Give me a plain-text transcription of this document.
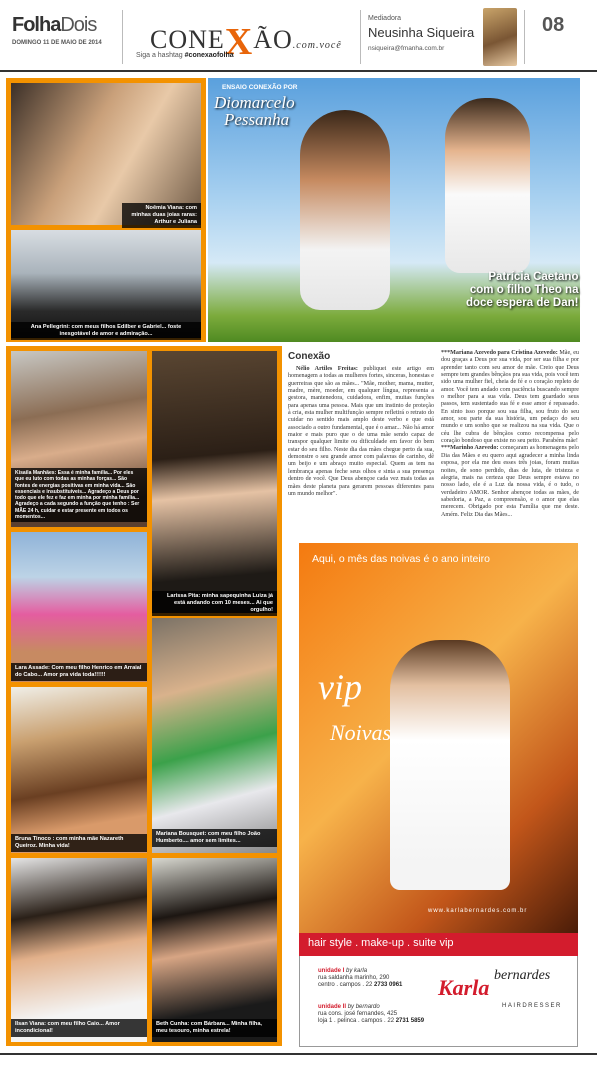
FolhaDois
DOMINGO 11 DE MAIO DE 2014 CONEXÃO.com.você
Siga a hashtag #conexaofolha
Mediadora
Neusinha Siqueira
nsiqueira@fmanha.com.br
08
Noêmia Viana: com minhas duas joias raras: Arthur e Juliana
Ana Pellegrini: com meus filhos Edilber e Gabriel... foste inesgotável de amor e admiração...
ENSAIO CONEXÃO POR
Diomarcelo
Pessanha
Patrícia Caetano
com o filho Theo na
doce espera de Dan!
Kisaila Manhães: Essa é minha família... Por eles que eu luto com todas as minhas forças... São fontes de energias positivas em minha vida... São essenciais e insubstituíveis... Agradeço a Deus por todo que ele fez e faz em minha por minha família... Agradeço a cada segundo a função que tenho : Ser MÃE 24 h, cuidar e estar presente em todos os momentos...
Larissa Pita: minha sapequinha Luiza já está andando com 10 meses... Ai que orgulho!
Lara Assade: Com meu filho Henrico em Arraial do Cabo... Amor pra vida toda!!!!!!
Mariana Bousquet: com meu filho João Humberto.... amor sem limites...
Bruna Tinoco : com minha mãe Nazareth Queiroz. Minha vida!
Ilsan Viana: com meu filho Caio... Amor incondicional!
Beth Cunha: com Bárbara... Minha filha, meu tesouro, minha estrela!
Conexão
Nélio Artiles Freitas: publiquei este artigo em homenagem a todas as mulheres fortes, sinceras, honestas e guerreiras que são as mães... "Mãe, mother, mama, mutter, madre, mère, moeder, em qualquer língua, representa a gestora, mantenedora, cuidadora, enfim, muitas funções para apenas uma pessoa. Mais que um instinto de proteção à cria, esta mulher multifunção sempre refletirá o retrato do cuidar no sentido mais amplo deste verbo e que está associado a outro fundamental, que é o amar... Não há amor maior e mais puro que o de uma mãe sendo capaz de transpor qualquer limite ou dificuldade em favor do bem estar do seu filho. Neste dia das mães chegue perto da sua, demonstre o seu grande amor com palavras de carinho, dê um beijo e um abraço muito especial. Quem as tem na lembrança apenas feche seus olhos e sinta a sua presença dentro de você. Que Deus abençoe cada vez mais todas as mães deste planeta para gerarem pessoas diferentes para um mundo melhor".
***Mariana Azevedo para Cristina Azevedo: Mãe, eu dou graças a Deus por sua vida, por ser sua filha e por aprender tanto com seu amor de mãe. Creio que Deus sempre tem grandes bênçãos pra sua vida, pois você tem sido uma mulher fiel, cheia de fé e o coração repleto de amor. Você tem andado com paciência buscando sempre o melhor para a sua vida. Deus tem guardado seus passos, tem sustentado sua fé e esse amor é repassado. En sinto isso porque sou sua filha, sou fruto do seu amor, sou parte da sua história, um pedaço do seu mundo e um sonho que se realizou na sua vida. Que o céu lhe cubra de bênçãos como recompensa pelo coração bondoso que existe no seu peito. Parabéns mãe!
***Marinho Azevedo: começaram as homenagens pelo Dia das Mães e eu quero aqui agradecer a minha linda esposa, por ela me deu esses três joias, foram muitas noites, de sono perdido, dias de luta, de tristeza e alegria, mais na certeza que Deus sempre estava no nosso lado, ele é a Luz da nossa vida, é o tudo, o verdadeiro AMOR. Senhor abençoe todas as mães, de sabedoria, a Paz, a compreensão, e o amor que elas merecem. Obrigado por esta Família que me deste. Amém. Feliz Dia das Mães...
Aqui, o mês das noivas é o ano inteiro
vip
Noivas
www.karlabernardes.com.br
hair style . make-up . suite vip
unidade I by karla
rua saldanha marinho, 290
centro . campos . 22 2733 0961
unidade II by bernardo
rua cons. josé fernandes, 425
loja 1 . pelinca . campos . 22 2731 5859
Karla bernardes
HAIRDRESSER
